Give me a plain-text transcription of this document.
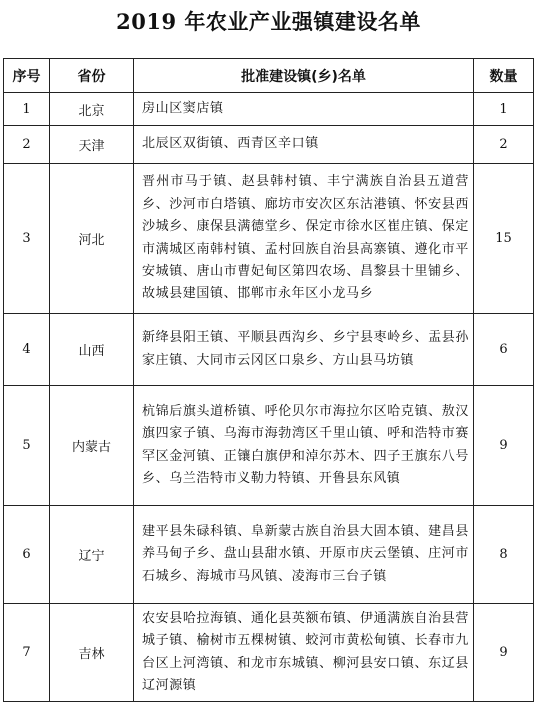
2019 年农业产业强镇建设名单
序号	省份	批准建设镇(乡)名单	数量
1	北京	房山区窦店镇	1
2	天津	北辰区双街镇、西青区辛口镇	2
3	河北	晋州市马于镇、赵县韩村镇、丰宁满族自治县五道营乡、沙河市白塔镇、廊坊市安次区东沽港镇、怀安县西沙城乡、康保县满德堂乡、保定市徐水区崔庄镇、保定市满城区南韩村镇、孟村回族自治县高寨镇、遵化市平安城镇、唐山市曹妃甸区第四农场、昌黎县十里铺乡、故城县建国镇、邯郸市永年区小龙马乡	15
4	山西	新绛县阳王镇、平顺县西沟乡、乡宁县枣岭乡、盂县孙家庄镇、大同市云冈区口泉乡、方山县马坊镇	6
5	内蒙古	杭锦后旗头道桥镇、呼伦贝尔市海拉尔区哈克镇、敖汉旗四家子镇、乌海市海勃湾区千里山镇、呼和浩特市赛罕区金河镇、正镶白旗伊和淖尔苏木、四子王旗东八号乡、乌兰浩特市义勒力特镇、开鲁县东风镇	9
6	辽宁	建平县朱碌科镇、阜新蒙古族自治县大固本镇、建昌县养马甸子乡、盘山县甜水镇、开原市庆云堡镇、庄河市石城乡、海城市马风镇、凌海市三台子镇	8
7	吉林	农安县哈拉海镇、通化县英额布镇、伊通满族自治县营城子镇、榆树市五棵树镇、蛟河市黄松甸镇、长春市九台区上河湾镇、和龙市东城镇、柳河县安口镇、东辽县辽河源镇	9
